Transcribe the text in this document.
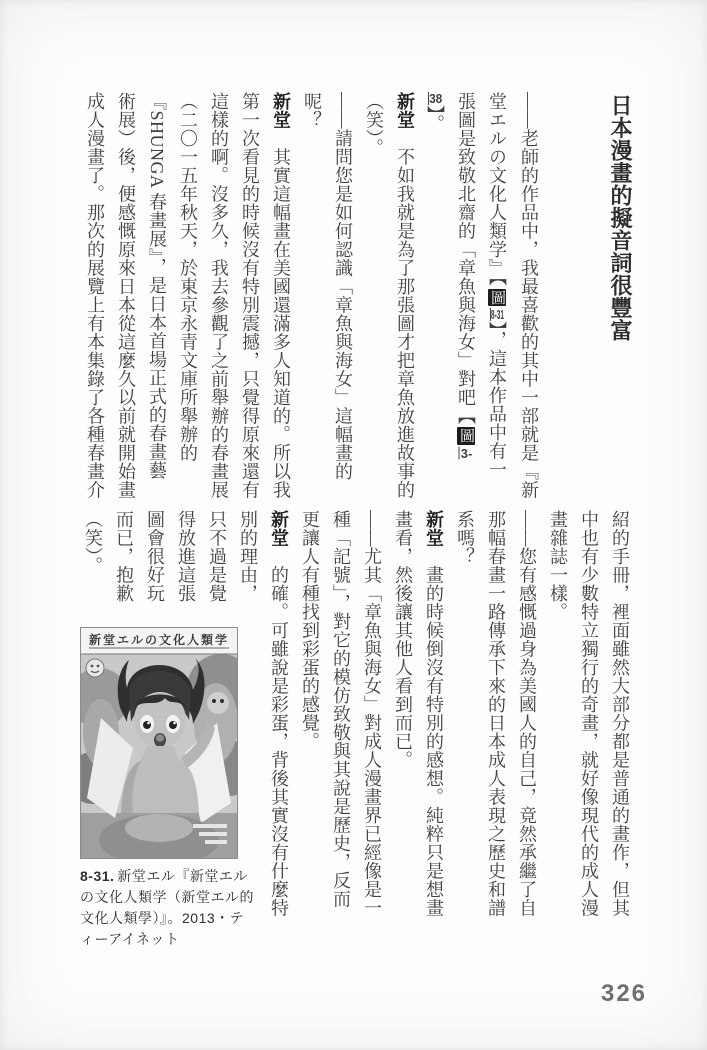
日本漫畫的擬音詞很豐富
——老師的作品中，我最喜歡的其中一部就是『新
堂エルの文化人類学』【圖8-31】，這本作品中有一
張圖是致敬北齋的「章魚與海女」對吧【圖3-
38】。
新堂　不如我就是為了那張圖才把章魚放進故事的
（笑）。
——請問您是如何認識「章魚與海女」這幅畫的
呢？
新堂　其實這幅畫在美國還滿多人知道的。所以我
第一次看見的時候沒有特別震撼，只覺得原來還有
這樣的啊。沒多久，我去參觀了之前舉辦的春畫展
（二〇一五年秋天，於東京永青文庫所舉辦的
『SHUNGA 春畫展』，是日本首場正式的春畫藝
術展）後，便感慨原來日本從這麼久以前就開始畫
成人漫畫了。那次的展覽上有本集錄了各種春畫介
紹的手冊，裡面雖然大部分都是普通的畫作，但其
中也有少數特立獨行的奇畫，就好像現代的成人漫
畫雜誌一樣。
——您有感慨過身為美國人的自己，竟然承繼了自
那幅春畫一路傳承下來的日本成人表現之歷史和譜
系嗎？
新堂　畫的時候倒沒有特別的感想。純粹只是想畫
畫看，然後讓其他人看到而已。
——尤其「章魚與海女」對成人漫畫界已經像是一
種「記號」，對它的模仿致敬與其說是歷史，反而
更讓人有種找到彩蛋的感覺。
新堂　的確。可雖說是彩蛋，背後其實沒有什麼特
別的理由，
只不過是覺
得放進這張
圖會很好玩
而已，抱歉
（笑）。
新堂エルの文化人類学
8-31. 新堂エル『新堂エルの文化人類学（新堂エル的文化人類學）』。2013・ティーアイネット
326
